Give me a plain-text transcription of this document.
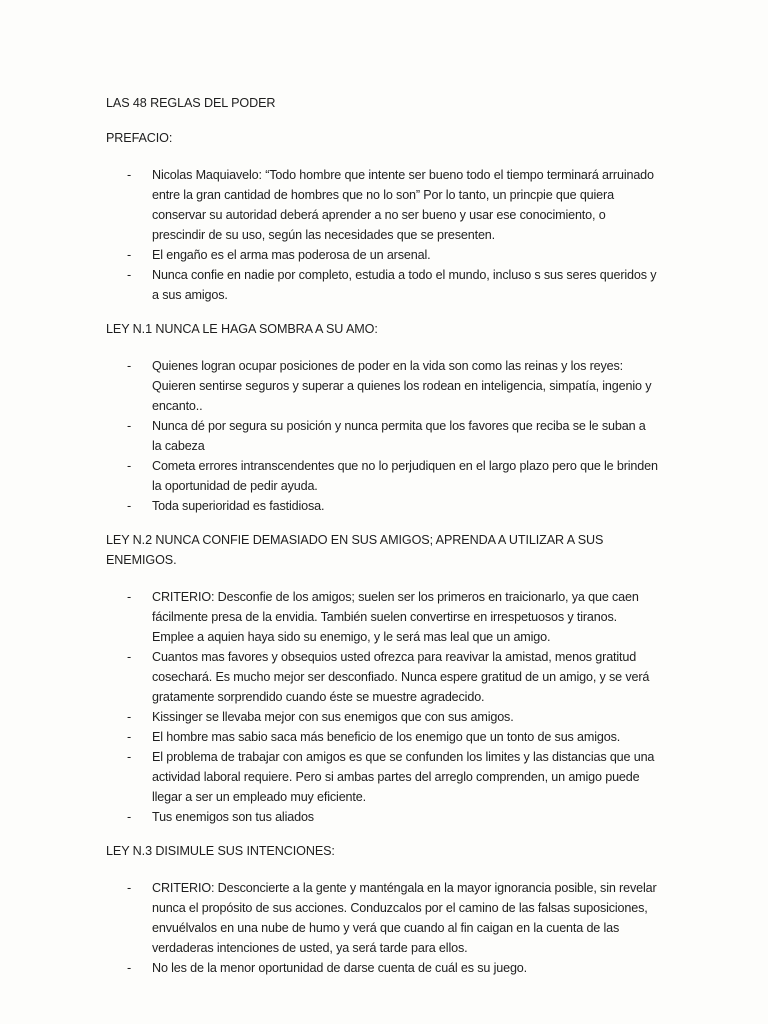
LAS 48 REGLAS DEL PODER

PREFACIO:

- Nicolas Maquiavelo: “Todo hombre que intente ser bueno todo el tiempo terminará arruinado entre la gran cantidad de hombres que no lo son” Por lo tanto, un princpie que quiera conservar su autoridad deberá aprender a no ser bueno y usar ese conocimiento, o prescindir de su uso, según las necesidades que se presenten.
- El engaño es el arma mas poderosa de un arsenal.
- Nunca confie en nadie por completo, estudia a todo el mundo, incluso s sus seres queridos y a sus amigos.

LEY N.1 NUNCA LE HAGA SOMBRA A SU AMO:

- Quienes logran ocupar posiciones de poder en la vida son como las reinas y los reyes: Quieren sentirse seguros y superar a quienes los rodean en inteligencia, simpatía, ingenio y encanto..
- Nunca dé por segura su posición y nunca permita que los favores que reciba se le suban a la cabeza
- Cometa errores intranscendentes que no lo perjudiquen en el largo plazo pero que le brinden la oportunidad de pedir ayuda.
- Toda superioridad es fastidiosa.

LEY N.2 NUNCA CONFIE DEMASIADO EN SUS AMIGOS; APRENDA A UTILIZAR A SUS ENEMIGOS.

- CRITERIO: Desconfie de los amigos; suelen ser los primeros en traicionarlo, ya que caen fácilmente presa de la envidia. También suelen convertirse en irrespetuosos y tiranos. Emplee a aquien haya sido su enemigo, y le será mas leal que un amigo.
- Cuantos mas favores y obsequios usted ofrezca para reavivar la amistad, menos gratitud cosechará. Es mucho mejor ser desconfiado. Nunca espere gratitud de un amigo, y se verá gratamente sorprendido cuando éste se muestre agradecido.
- Kissinger se llevaba mejor con sus enemigos que con sus amigos.
- El hombre mas sabio saca más beneficio de los enemigo que un tonto de sus amigos.
- El problema de trabajar con amigos es que se confunden los limites y las distancias que una actividad laboral requiere. Pero si ambas partes del arreglo comprenden, un amigo puede llegar a ser un empleado muy eficiente.
- Tus enemigos son tus aliados

LEY N.3 DISIMULE SUS INTENCIONES:

- CRITERIO: Desconcierte a la gente y manténgala en la mayor ignorancia posible, sin revelar nunca el propósito de sus acciones. Conduzcalos por el camino de las falsas suposiciones, envuélvalos en una nube de humo y verá que cuando al fin caigan en la cuenta de las verdaderas intenciones de usted, ya será tarde para ellos.
- No les de la menor oportunidad de darse cuenta de cuál es su juego.
